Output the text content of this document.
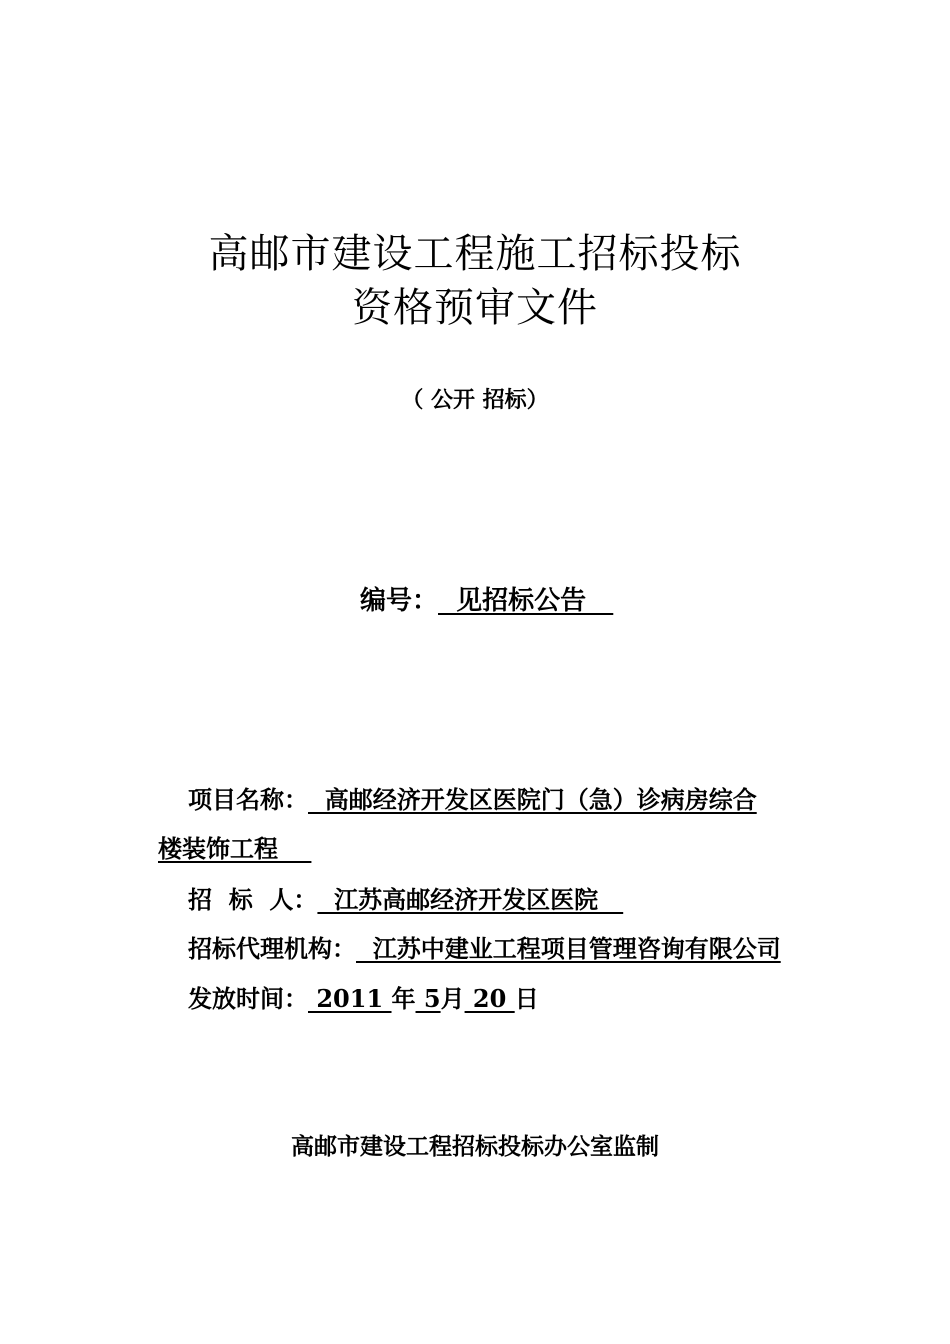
高邮市建设工程施工招标投标
资格预审文件
（ 公开 招标）
编号：  见招标公告
项目名称：  高邮经济开发区医院门（急）诊病房综合
楼装饰工程
招  标  人：  江苏高邮经济开发区医院
招标代理机构：  江苏中建业工程项目管理咨询有限公司
发放时间： 2011 年 5月 20 日
高邮市建设工程招标投标办公室监制
